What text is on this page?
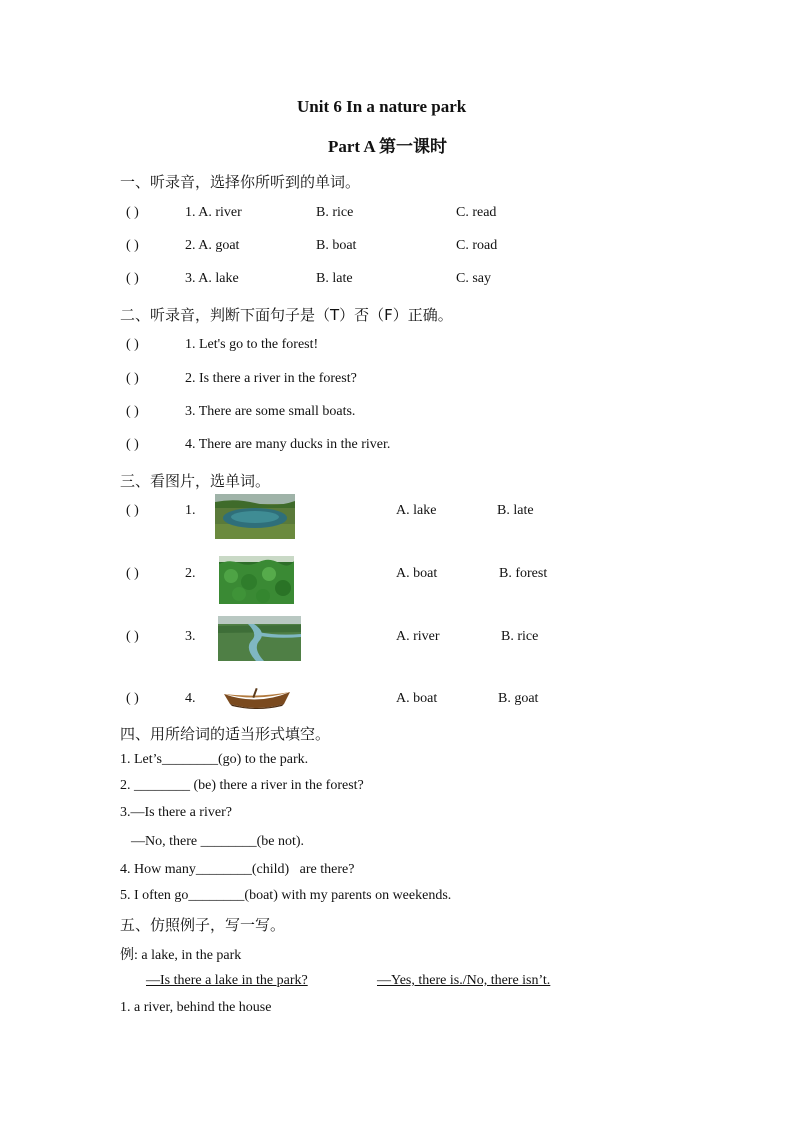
Unit 6 In a nature park
Part A 第一课时
一、听录音，选择你所听到的单词。
( )	1. A. river	B. rice	C. read
( )	2. A. goat	B. boat	C. road
( )	3. A. lake	B. late	C. say
二、听录音，判断下面句子是（T）否（F）正确。
( )	1. Let's go to the forest!
( )	2. Is there a river in the forest?
( )	3. There are some small boats.
( )	4. There are many ducks in the river.
三、看图片，选单词。
( )	1.	A. lake	B. late
( )	2.	A. boat	B. forest
( )	3.	A. river	B. rice
( )	4.	A. boat	B. goat
四、用所给词的适当形式填空。
1. Let’s________(go) to the park.
2. ________ (be) there a river in the forest?
3.—Is there a river?
—No, there ________(be not).
4. How many________(child)   are there?
5. I often go________(boat) with my parents on weekends.
五、仿照例子，写一写。
例: a lake, in the park
—Is there a lake in the park?	—Yes, there is./No, there isn’t.
1. a river, behind the house
